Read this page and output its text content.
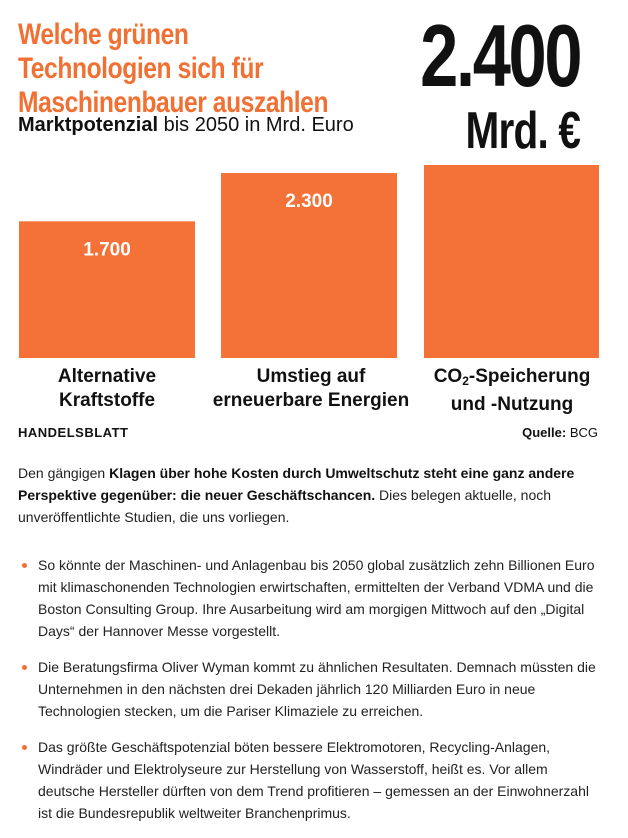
Welche grünen Technologien sich für Maschinenbauer auszahlen
Marktpotenzial bis 2050 in Mrd. Euro
2.400
Mrd. €
1.700
2.300
Alternative
Kraftstoffe
Umstieg auf
erneuerbare Energien
$CO_2$-Speicherung
und -Nutzung
HANDELSBLATT	Quelle: BCG

Den gängigen Klagen über hohe Kosten durch Umweltschutz steht eine ganz andere Perspektive gegenüber: die neuer Geschäftschancen. Dies belegen aktuelle, noch unveröffentlichte Studien, die uns vorliegen.

So könnte der Maschinen- und Anlagenbau bis 2050 global zusätzlich zehn Billionen Euro mit klimaschonenden Technologien erwirtschaften, ermittelten der Verband VDMA und die Boston Consulting Group. Ihre Ausarbeitung wird am morgigen Mittwoch auf den „Digital Days“ der Hannover Messe vorgestellt.
Die Beratungsfirma Oliver Wyman kommt zu ähnlichen Resultaten. Demnach müssten die Unternehmen in den nächsten drei Dekaden jährlich 120 Milliarden Euro in neue Technologien stecken, um die Pariser Klimaziele zu erreichen.
Das größte Geschäftspotenzial böten bessere Elektromotoren, Recycling-Anlagen, Windräder und Elektrolyseure zur Herstellung von Wasserstoff, heißt es. Vor allem deutsche Hersteller dürften von dem Trend profitieren – gemessen an der Einwohnerzahl ist die Bundesrepublik weltweiter Branchenprimus.
